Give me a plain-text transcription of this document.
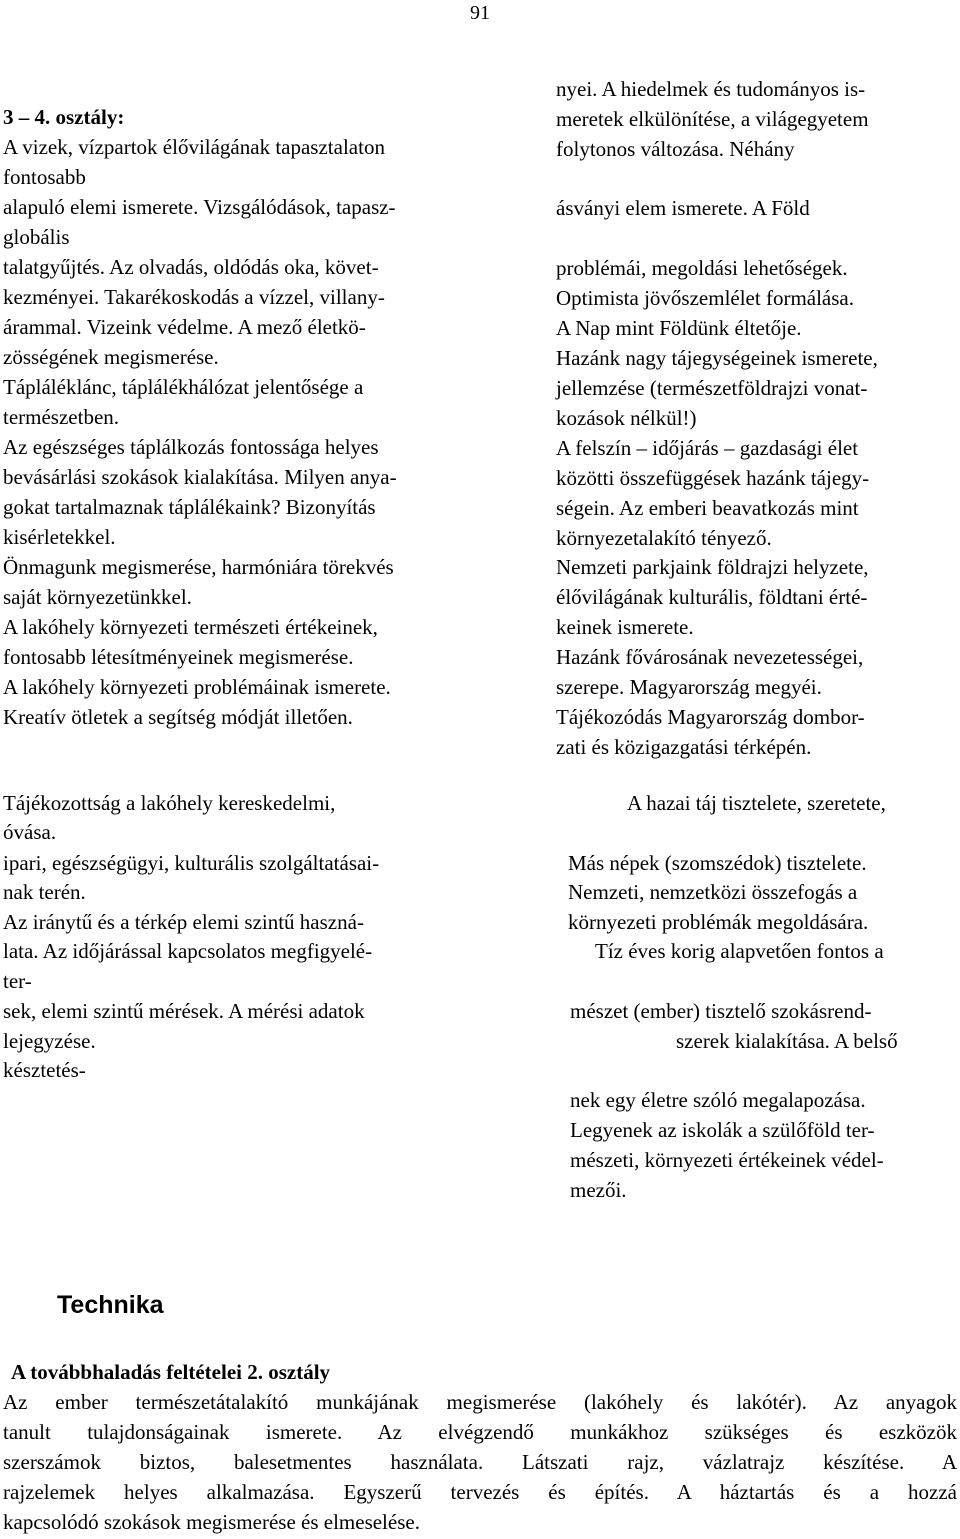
91
3 – 4. osztály:
A vizek, vízpartok élővilágának tapasztalaton
fontosabb
alapuló elemi ismerete. Vizsgálódások, tapasz-
globális
talatgyűjtés. Az olvadás, oldódás oka, követ-
kezményei. Takarékoskodás a vízzel, villany-
árammal. Vizeink védelme. A mező életkö-
zösségének megismerése.
Tápláléklánc, táplálékhálózat jelentősége a
természetben.
Az egészséges táplálkozás fontossága helyes
bevásárlási szokások kialakítása. Milyen anya-
gokat tartalmaznak táplálékaink? Bizonyítás
kisérletekkel.
Önmagunk megismerése, harmóniára törekvés
saját környezetünkkel.
A lakóhely környezeti természeti értékeinek,
fontosabb létesítményeinek megismerése.
A lakóhely környezeti problémáinak ismerete.
Kreatív ötletek a segítség módját illetően.
nyei. A hiedelmek és tudományos is-
meretek elkülönítése, a világegyetem
folytonos változása. Néhány
ásványi elem ismerete. A Föld
problémái, megoldási lehetőségek.
Optimista jövőszemlélet formálása.
A Nap mint Földünk éltetője.
Hazánk nagy tájegységeinek ismerete,
jellemzése (természetföldrajzi vonat-
kozások nélkül!)
A felszín – időjárás – gazdasági élet
közötti összefüggések hazánk tájegy-
ségein. Az emberi beavatkozás mint
környezetalakító tényező.
Nemzeti parkjaink földrajzi helyzete,
élővilágának kulturális, földtani érté-
keinek ismerete.
Hazánk fővárosának nevezetességei,
szerepe. Magyarország megyéi.
Tájékozódás Magyarország dombor-
zati és közigazgatási térképén.
Tájékozottság a lakóhely kereskedelmi,
óvása.
ipari, egészségügyi, kulturális szolgáltatásai-
nak terén.
Az iránytű és a térkép elemi szintű haszná-
lata. Az időjárással kapcsolatos megfigyelé-
ter-
sek, elemi szintű mérések. A mérési adatok
lejegyzése.
késztetés-
A hazai táj tisztelete, szeretete,
Más népek (szomszédok) tisztelete.
Nemzeti, nemzetközi összefogás a
környezeti problémák megoldására.
Tíz éves korig alapvetően fontos a
mészet (ember) tisztelő szokásrend-
szerek kialakítása. A belső
nek egy életre szóló megalapozása.
Legyenek az iskolák a szülőföld ter-
mészeti, környezeti értékeinek védel-
mezői.
Technika
A továbbhaladás feltételei 2. osztály
Az ember természetátalakító munkájának megismerése (lakóhely és lakótér). Az anyagok
tanult tulajdonságainak ismerete. Az elvégzendő munkákhoz szükséges és eszközök
szerszámok biztos, balesetmentes használata. Látszati rajz, vázlatrajz készítése. A
rajzelemek helyes alkalmazása. Egyszerű tervezés és építés. A háztartás és a hozzá
kapcsolódó szokások megismerése és elmeselése.
